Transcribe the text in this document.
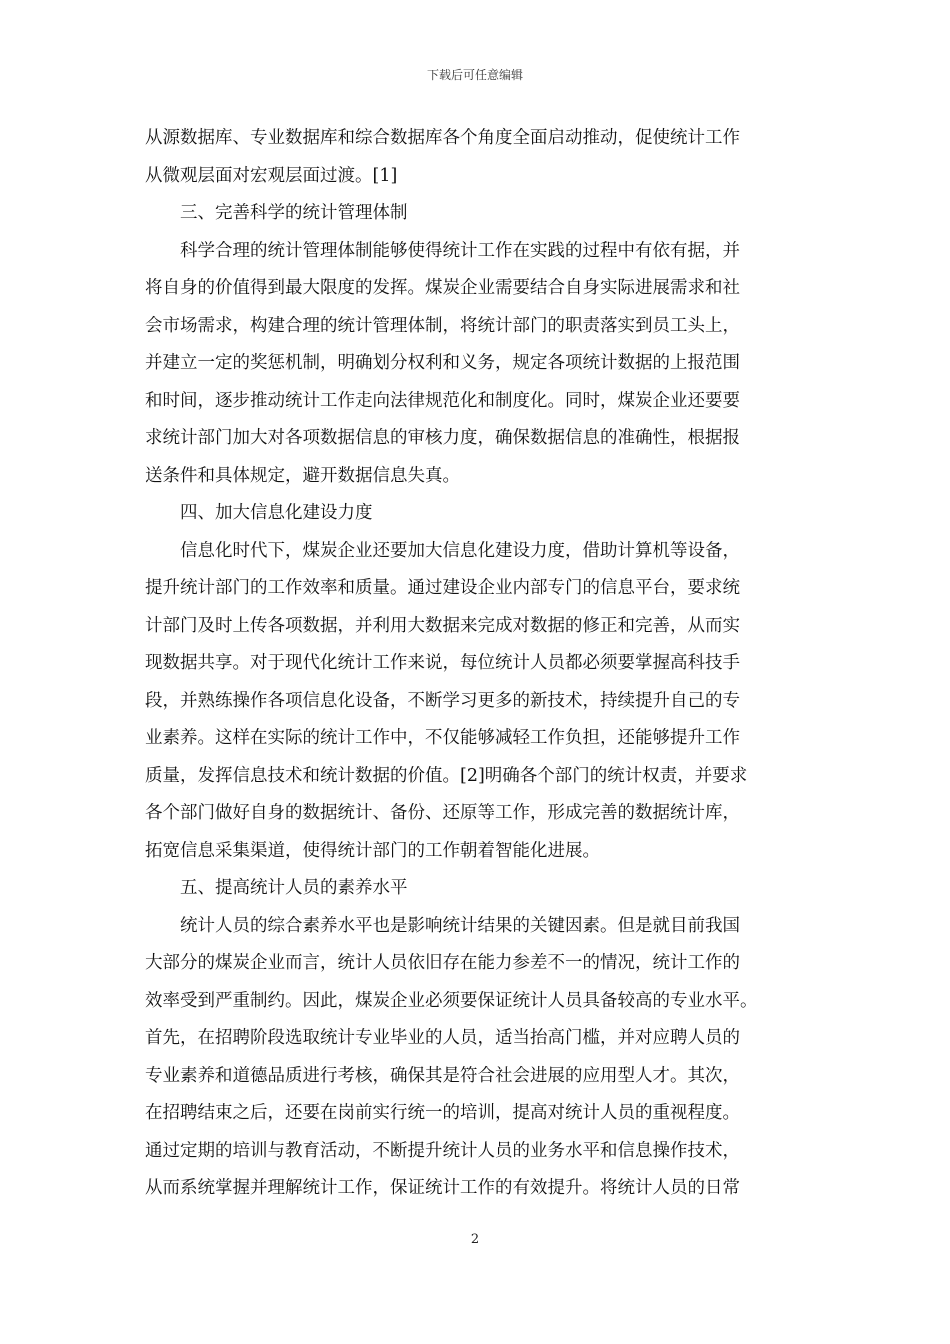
下载后可任意编辑
从源数据库、专业数据库和综合数据库各个角度全面启动推动，促使统计工作
从微观层面对宏观层面过渡。[1]
三、完善科学的统计管理体制
科学合理的统计管理体制能够使得统计工作在实践的过程中有依有据，并
将自身的价值得到最大限度的发挥。煤炭企业需要结合自身实际进展需求和社
会市场需求，构建合理的统计管理体制，将统计部门的职责落实到员工头上，
并建立一定的奖惩机制，明确划分权利和义务，规定各项统计数据的上报范围
和时间，逐步推动统计工作走向法律规范化和制度化。同时，煤炭企业还要要
求统计部门加大对各项数据信息的审核力度，确保数据信息的准确性，根据报
送条件和具体规定，避开数据信息失真。
四、加大信息化建设力度
信息化时代下，煤炭企业还要加大信息化建设力度，借助计算机等设备，
提升统计部门的工作效率和质量。通过建设企业内部专门的信息平台，要求统
计部门及时上传各项数据，并利用大数据来完成对数据的修正和完善，从而实
现数据共享。对于现代化统计工作来说，每位统计人员都必须要掌握高科技手
段，并熟练操作各项信息化设备，不断学习更多的新技术，持续提升自己的专
业素养。这样在实际的统计工作中，不仅能够减轻工作负担，还能够提升工作
质量，发挥信息技术和统计数据的价值。[2]明确各个部门的统计权责，并要求
各个部门做好自身的数据统计、备份、还原等工作，形成完善的数据统计库，
拓宽信息采集渠道，使得统计部门的工作朝着智能化进展。
五、提高统计人员的素养水平
统计人员的综合素养水平也是影响统计结果的关键因素。但是就目前我国
大部分的煤炭企业而言，统计人员依旧存在能力参差不一的情况，统计工作的
效率受到严重制约。因此，煤炭企业必须要保证统计人员具备较高的专业水平。
首先，在招聘阶段选取统计专业毕业的人员，适当抬高门槛，并对应聘人员的
专业素养和道德品质进行考核，确保其是符合社会进展的应用型人才。其次，
在招聘结束之后，还要在岗前实行统一的培训，提高对统计人员的重视程度。
通过定期的培训与教育活动，不断提升统计人员的业务水平和信息操作技术，
从而系统掌握并理解统计工作，保证统计工作的有效提升。将统计人员的日常
2
